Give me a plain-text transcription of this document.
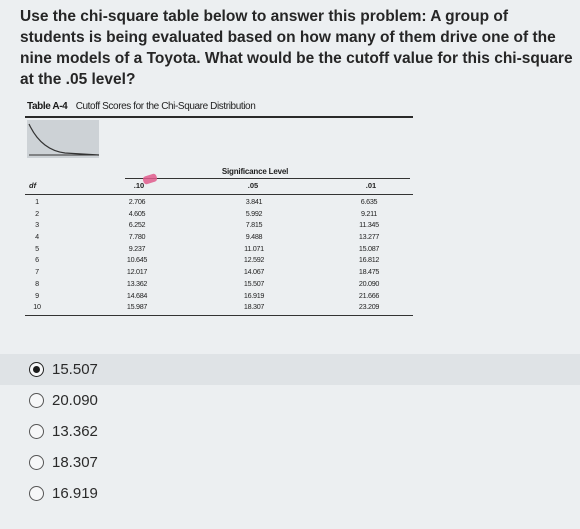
Use the chi-square table below to answer this problem: A group of students is being evaluated based on how many of them drive one of the nine models of a Toyota. What would be the cutoff value for this chi-square at the .05 level?
Table A-4 Cutoff Scores for the Chi-Square Distribution
Significance Level
df	.10	.05	.01
1	2.706	3.841	6.635
2	4.605	5.992	9.211
3	6.252	7.815	11.345
4	7.780	9.488	13.277
5	9.237	11.071	15.087
6	10.645	12.592	16.812
7	12.017	14.067	18.475
8	13.362	15.507	20.090
9	14.684	16.919	21.666
10	15.987	18.307	23.209
15.507
20.090
13.362
18.307
16.919
